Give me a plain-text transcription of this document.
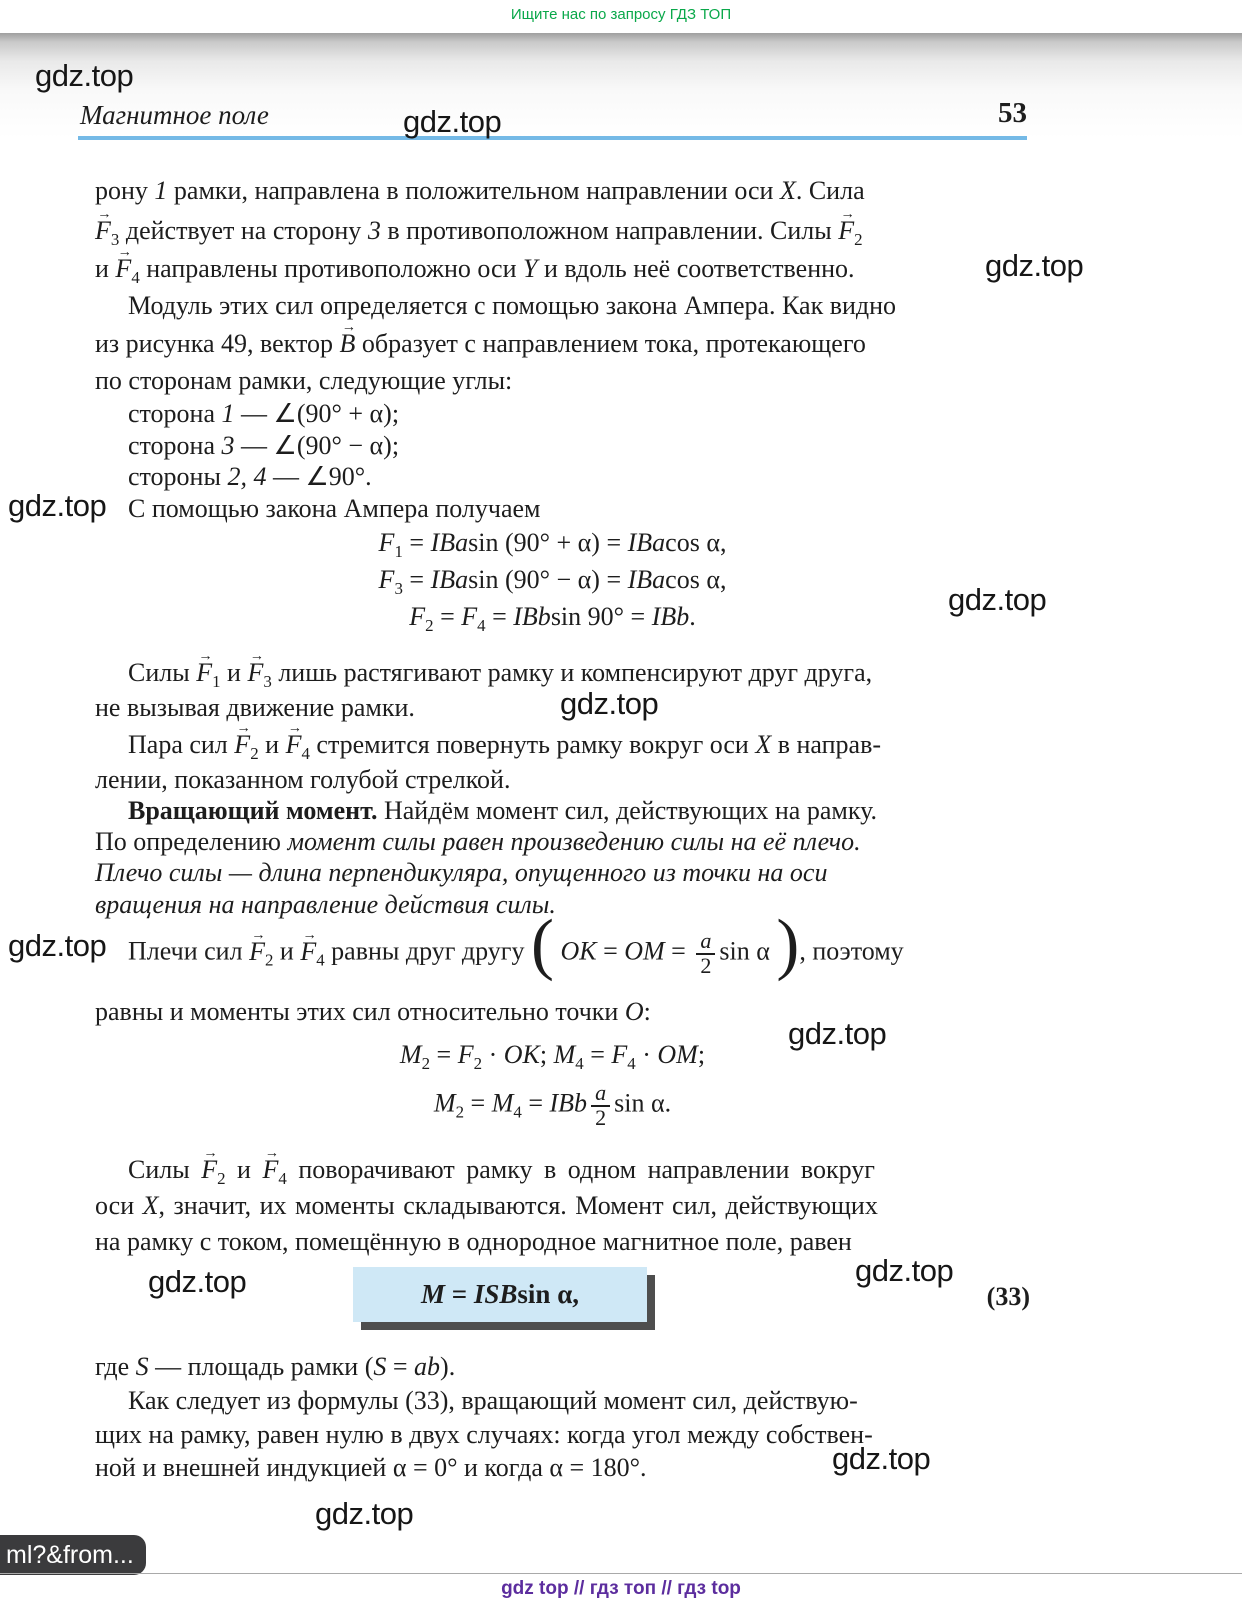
Ищите нас по запросу ГДЗ ТОП
Магнитное поле	53
рону 1 рамки, направлена в положительном направлении оси X. Сила
$F \to_3$ действует на сторону 3 в противоположном направлении. Силы $F \to_2$
и $F \to_4$ направлены противоположно оси Y и вдоль неё соответственно.
Модуль этих сил определяется с помощью закона Ампера. Как видно
из рисунка 49, вектор B → образует с направлением тока, протекающего
по сторонам рамки, следующие углы:
сторона 1 — ∠(90° + α);
сторона 3 — ∠(90° − α);
стороны 2, 4 — ∠90°.
С помощью закона Ампера получаем
$F_1 = IBasin$ (90° + α) = IBacos α,
$F_3 = IBasin$ (90° − α) = IBacos α,
$F_2 = F_4 = IBbsin$ 90° = IBb.
Силы $F \to_1$ и $F \to_3$ лишь растягивают рамку и компенсируют друг друга,
не вызывая движение рамки.
Пара сил $F \to_2$ и $F \to_4$ стремится повернуть рамку вокруг оси X в направ-
лении, показанном голубой стрелкой.
Вращающий момент. Найдём момент сил, действующих на рамку.
По определению момент силы равен произведению силы на её плечо.
Плечо силы — длина перпендикуляра, опущенного из точки на оси
вращения на направление действия силы.
Плечи сил $F \to_2$ и $F \to_4$ равны друг другу ( OK = OM = $\frac{a}{2}$ sin α ), поэтому
равны и моменты этих сил относительно точки O:
$M_2 = F_2$ · OK; $M_4 = F_4$ · OM;
$M_2 = M_4$ = IBb $\frac{a}{2}$ sin α.
Силы $F \to_2$ и $F \to_4$ поворачивают рамку в одном направлении вокруг
оси X, значит, их моменты складываются. Момент сил, действующих
на рамку с током, помещённую в однородное магнитное поле, равен
где S — площадь рамки (S = ab).
Как следует из формулы (33), вращающий момент сил, действую-
щих на рамку, равен нулю в двух случаях: когда угол между собствен-
ной и внешней индукцией α = 0° и когда α = 180°.
M = ISBsin α,	(33)
gdz.top
gdz.top
gdz.top
gdz.top
gdz.top
gdz.top
gdz.top
gdz.top
gdz.top
gdz.top
gdz.top
gdz.top
ml?&from...
gdz top // гдз топ // гдз top
